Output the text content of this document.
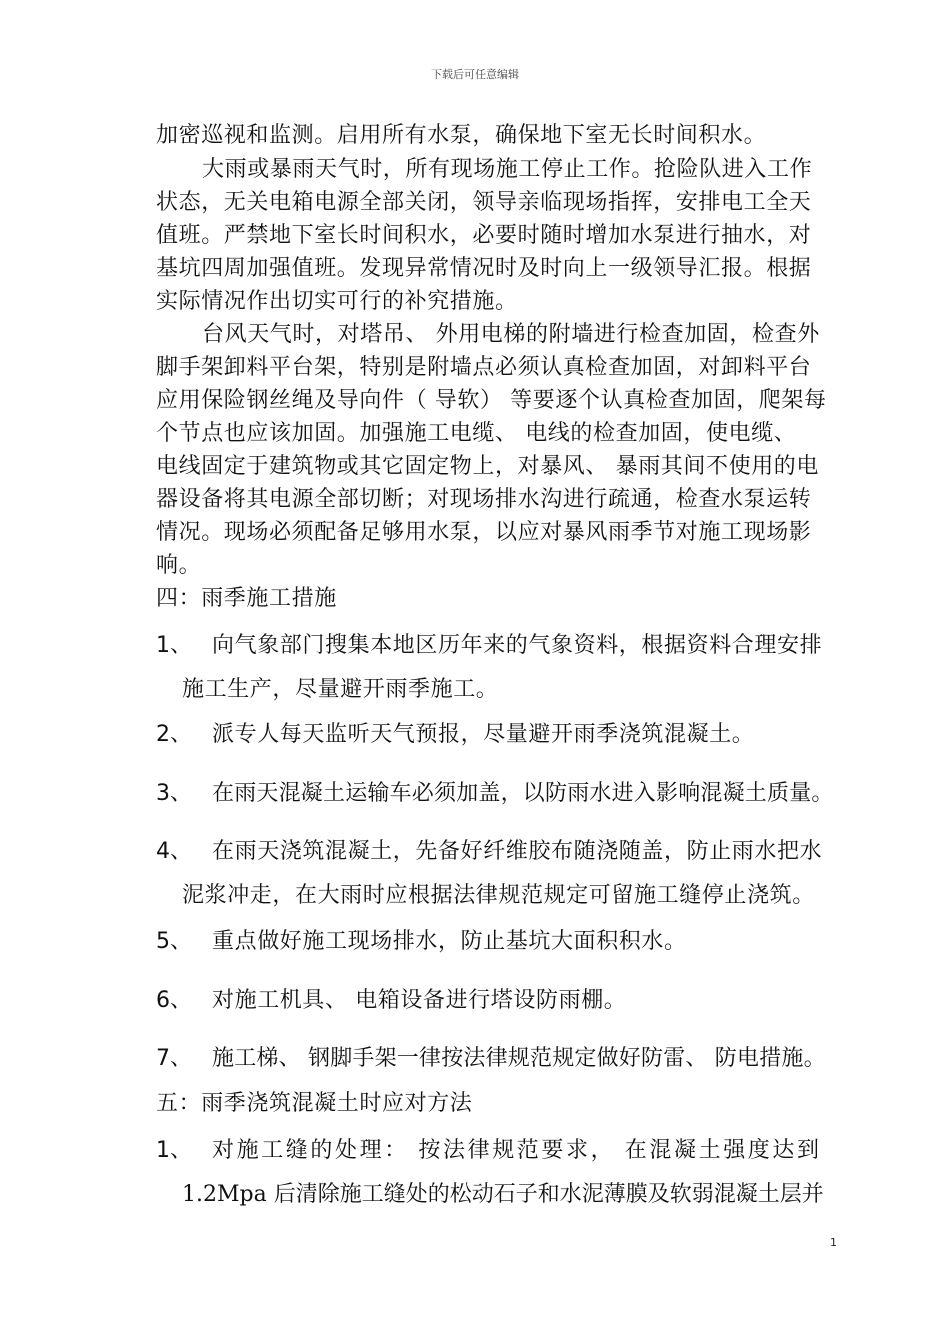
下载后可任意编辑
加密巡视和监测。启用所有水泵，确保地下室无长时间积水。
大雨或暴雨天气时，所有现场施工停止工作。抢险队进入工作
状态，无关电箱电源全部关闭，领导亲临现场指挥，安排电工全天
值班。严禁地下室长时间积水，必要时随时增加水泵进行抽水，对
基坑四周加强值班。发现异常情况时及时向上一级领导汇报。根据
实际情况作出切实可行的补究措施。
台风天气时，对塔吊、 外用电梯的附墙进行检查加固，检查外
脚手架卸料平台架，特别是附墙点必须认真检查加固，对卸料平台
应用保险钢丝绳及导向件（ 导软） 等要逐个认真检查加固，爬架每
个节点也应该加固。加强施工电缆、 电线的检查加固，使电缆、
电线固定于建筑物或其它固定物上，对暴风、 暴雨其间不使用的电
器设备将其电源全部切断；对现场排水沟进行疏通，检查水泵运转
情况。现场必须配备足够用水泵，以应对暴风雨季节对施工现场影
响。
四：雨季施工措施
1、 向气象部门搜集本地区历年来的气象资料，根据资料合理安排
施工生产，尽量避开雨季施工。
2、 派专人每天监听天气预报，尽量避开雨季浇筑混凝土。
3、 在雨天混凝土运输车必须加盖，以防雨水进入影响混凝土质量。
4、 在雨天浇筑混凝土，先备好纤维胶布随浇随盖，防止雨水把水
泥浆冲走，在大雨时应根据法律规范规定可留施工缝停止浇筑。
5、 重点做好施工现场排水，防止基坑大面积积水。
6、 对施工机具、 电箱设备进行塔设防雨棚。
7、 施工梯、 钢脚手架一律按法律规范规定做好防雷、 防电措施。
五：雨季浇筑混凝土时应对方法
1、 对施工缝的处理： 按法律规范要求， 在混凝土强度达到
1.2Mpa 后清除施工缝处的松动石子和水泥薄膜及软弱混凝土层并
1
